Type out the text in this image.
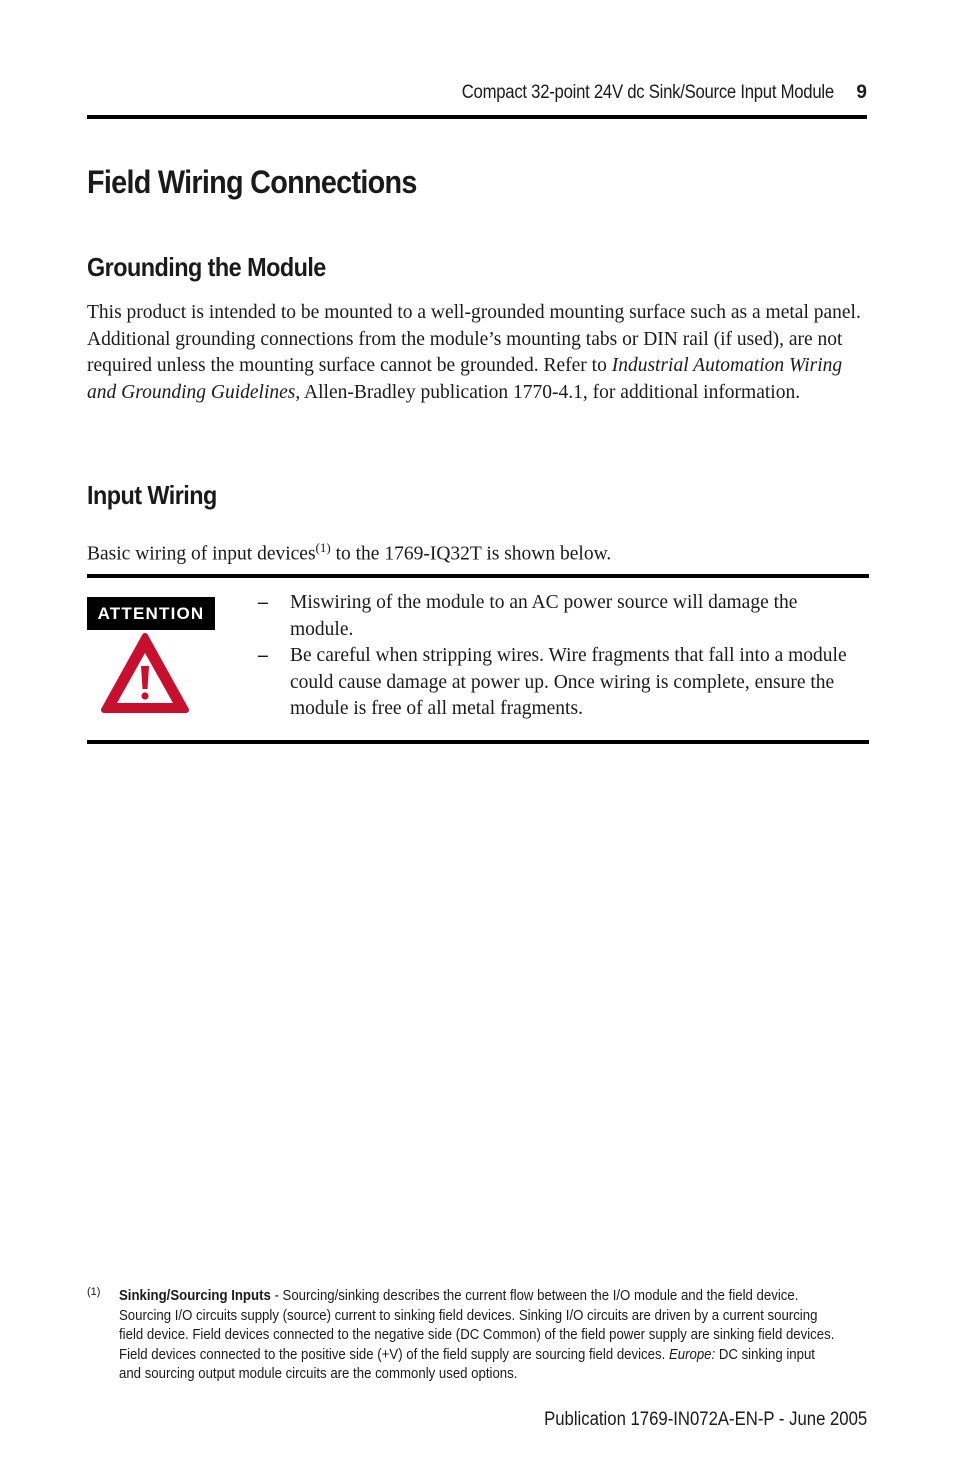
Compact 32-point 24V dc Sink/Source Input Module 9
Field Wiring Connections
Grounding the Module
This product is intended to be mounted to a well-grounded mounting surface such as a metal panel. Additional grounding connections from the module’s mounting tabs or DIN rail (if used), are not required unless the mounting surface cannot be grounded. Refer to Industrial Automation Wiring and Grounding Guidelines, Allen-Bradley publication 1770-4.1, for additional information.
Input Wiring
Basic wiring of input devices$^{(1)}$ to the 1769-IQ32T is shown below.
ATTENTION
– Miswiring of the module to an AC power source will damage the module.
– Be careful when stripping wires. Wire fragments that fall into a module could cause damage at power up. Once wiring is complete, ensure the module is free of all metal fragments.
(1) Sinking/Sourcing Inputs - Sourcing/sinking describes the current flow between the I/O module and the field device. Sourcing I/O circuits supply (source) current to sinking field devices. Sinking I/O circuits are driven by a current sourcing field device. Field devices connected to the negative side (DC Common) of the field power supply are sinking field devices. Field devices connected to the positive side (+V) of the field supply are sourcing field devices. Europe: DC sinking input and sourcing output module circuits are the commonly used options.
Publication 1769-IN072A-EN-P - June 2005
